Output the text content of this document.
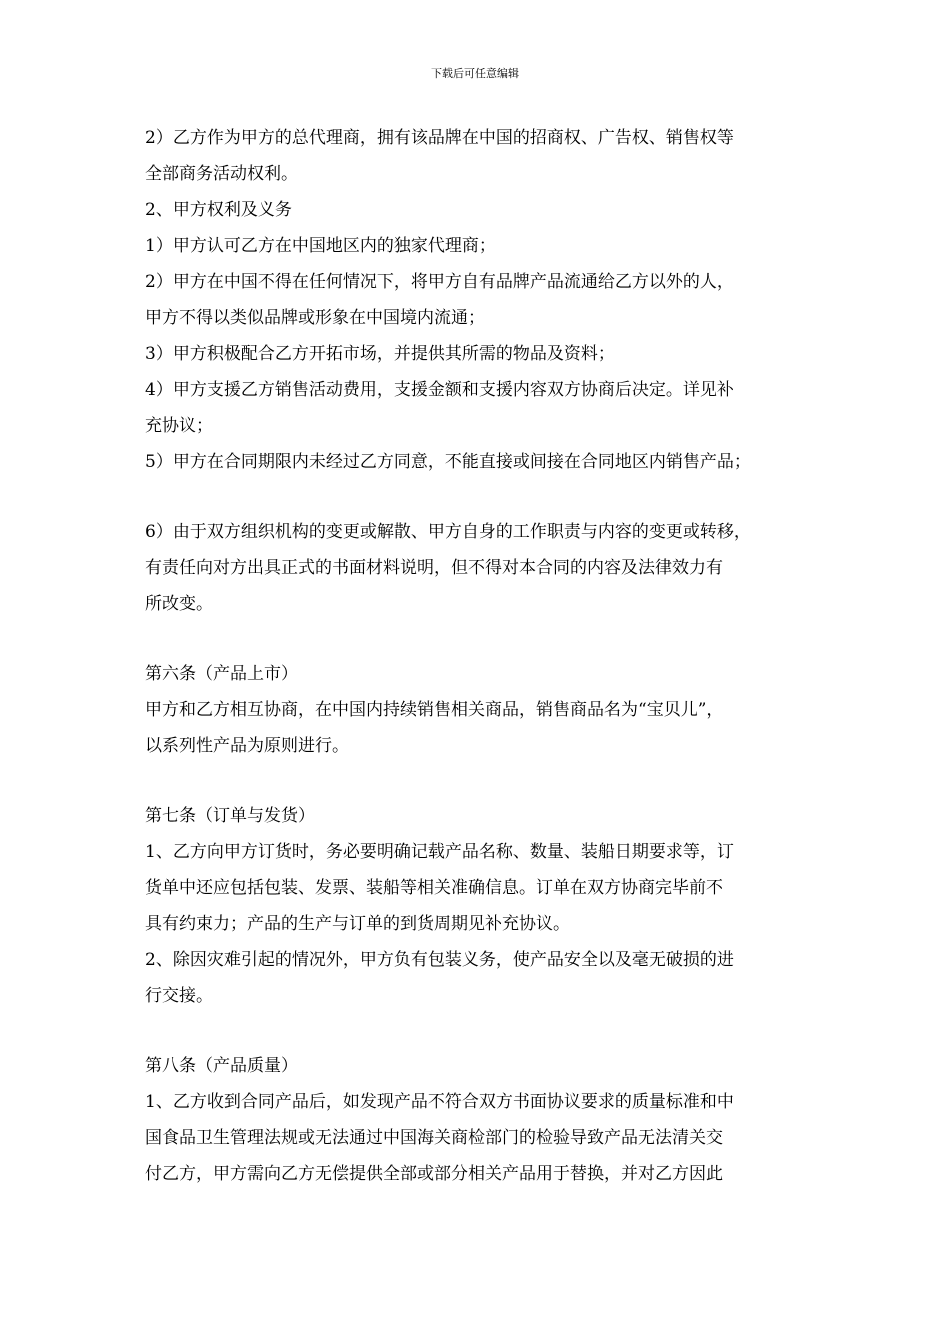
下载后可任意编辑

2）乙方作为甲方的总代理商，拥有该品牌在中国的招商权、广告权、销售权等

全部商务活动权利。

2、甲方权利及义务

1）甲方认可乙方在中国地区内的独家代理商；

2）甲方在中国不得在任何情况下，将甲方自有品牌产品流通给乙方以外的人，

甲方不得以类似品牌或形象在中国境内流通；

3）甲方积极配合乙方开拓市场，并提供其所需的物品及资料；

4）甲方支援乙方销售活动费用，支援金额和支援内容双方协商后决定。详见补

充协议；

5）甲方在合同期限内未经过乙方同意，不能直接或间接在合同地区内销售产品；

6）由于双方组织机构的变更或解散、甲方自身的工作职责与内容的变更或转移，

有责任向对方出具正式的书面材料说明，但不得对本合同的内容及法律效力有

所改变。

第六条（产品上市）

甲方和乙方相互协商，在中国内持续销售相关商品，销售商品名为“宝贝儿”，

以系列性产品为原则进行。

第七条（订单与发货）

1、乙方向甲方订货时，务必要明确记载产品名称、数量、装船日期要求等，订

货单中还应包括包装、发票、装船等相关准确信息。订单在双方协商完毕前不

具有约束力；产品的生产与订单的到货周期见补充协议。

2、除因灾难引起的情况外，甲方负有包装义务，使产品安全以及毫无破损的进

行交接。

第八条（产品质量）

1、乙方收到合同产品后，如发现产品不符合双方书面协议要求的质量标准和中

国食品卫生管理法规或无法通过中国海关商检部门的检验导致产品无法清关交

付乙方，甲方需向乙方无偿提供全部或部分相关产品用于替换，并对乙方因此
